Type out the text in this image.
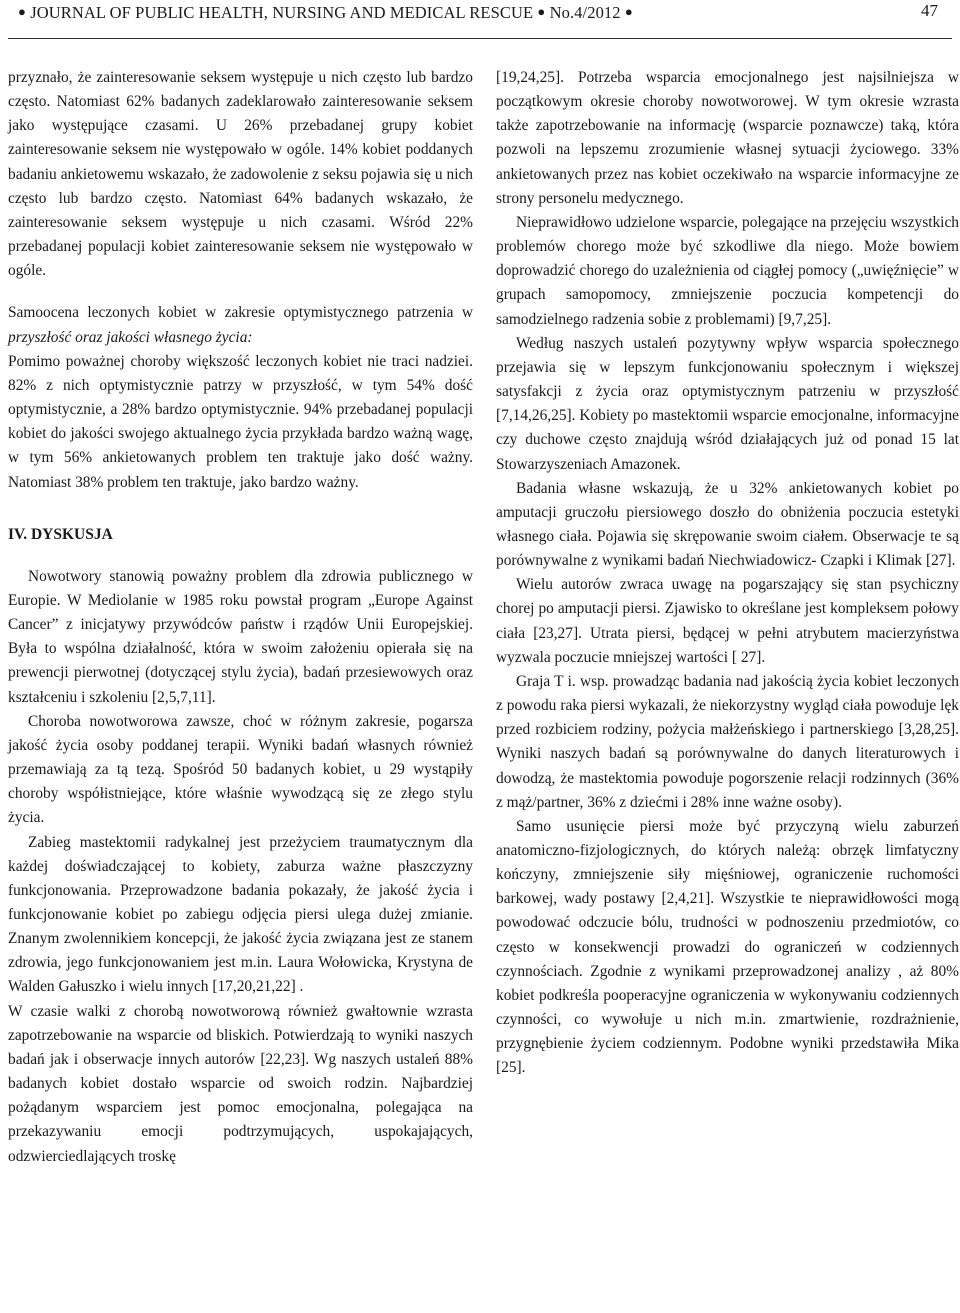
● JOURNAL OF PUBLIC HEALTH, NURSING AND MEDICAL RESCUE ● No.4/2012 ●	47

przyznało, że zainteresowanie seksem występuje u nich często lub bardzo często. Natomiast 62% badanych zadeklarowało zainteresowanie seksem jako występujące czasami. U 26% przebadanej grupy kobiet zainteresowanie seksem nie występowało w ogóle. 14% kobiet poddanych badaniu ankietowemu wskazało, że zadowolenie z seksu pojawia się u nich często lub bardzo często. Natomiast 64% badanych wskazało, że zainteresowanie seksem występuje u nich czasami. Wśród 22% przebadanej populacji kobiet zainteresowanie seksem nie występowało w ogóle.

Samoocena leczonych kobiet w zakresie optymistycznego patrzenia w przyszłość oraz jakości własnego życia:

Pomimo poważnej choroby większość leczonych kobiet nie traci nadziei. 82% z nich optymistycznie patrzy w przyszłość, w tym 54% dość optymistycznie, a 28% bardzo optymistycznie. 94% przebadanej populacji kobiet do jakości swojego aktualnego życia przykłada bardzo ważną wagę, w tym 56% ankietowanych problem ten traktuje jako dość ważny. Natomiast 38% problem ten traktuje, jako bardzo ważny.

IV. DYSKUSJA

Nowotwory stanowią poważny problem dla zdrowia publicznego w Europie. W Mediolanie w 1985 roku powstał program „Europe Against Cancer” z inicjatywy przywódców państw i rządów Unii Europejskiej. Była to wspólna działalność, która w swoim założeniu opierała się na prewencji pierwotnej (dotyczącej stylu życia), badań przesiewowych oraz kształceniu i szkoleniu [2,5,7,11].

Choroba nowotworowa zawsze, choć w różnym zakresie, pogarsza jakość życia osoby poddanej terapii. Wyniki badań własnych również przemawiają za tą tezą. Spośród 50 badanych kobiet, u 29 wystąpiły choroby współistniejące, które właśnie wywodzącą się ze złego stylu życia.

Zabieg mastektomii radykalnej jest przeżyciem traumatycznym dla każdej doświadczającej to kobiety, zaburza ważne płaszczyzny funkcjonowania. Przeprowadzone badania pokazały, że jakość życia i funkcjonowanie kobiet po zabiegu odjęcia piersi ulega dużej zmianie. Znanym zwolennikiem koncepcji, że jakość życia związana jest ze stanem zdrowia, jego funkcjonowaniem jest m.in. Laura Wołowicka, Krystyna de Walden Gałuszko i wielu innych [17,20,21,22] .

W czasie walki z chorobą nowotworową również gwałtownie wzrasta zapotrzebowanie na wsparcie od bliskich. Potwierdzają to wyniki naszych badań jak i obserwacje innych autorów [22,23]. Wg naszych ustaleń 88% badanych kobiet dostało wsparcie od swoich rodzin. Najbardziej pożądanym wsparciem jest pomoc emocjonalna, polegająca na przekazywaniu emocji podtrzymujących, uspokajających, odzwierciedlających troskę

[19,24,25]. Potrzeba wsparcia emocjonalnego jest najsilniejsza w początkowym okresie choroby nowotworowej. W tym okresie wzrasta także zapotrzebowanie na informację (wsparcie poznawcze) taką, która pozwoli na lepszemu zrozumienie własnej sytuacji życiowego. 33% ankietowanych przez nas kobiet oczekiwało na wsparcie informacyjne ze strony personelu medycznego.

Nieprawidłowo udzielone wsparcie, polegające na przejęciu wszystkich problemów chorego może być szkodliwe dla niego. Może bowiem doprowadzić chorego do uzależnienia od ciągłej pomocy („uwięźnięcie” w grupach samopomocy, zmniejszenie poczucia kompetencji do samodzielnego radzenia sobie z problemami) [9,7,25].

Według naszych ustaleń pozytywny wpływ wsparcia społecznego przejawia się w lepszym funkcjonowaniu społecznym i większej satysfakcji z życia oraz optymistycznym patrzeniu w przyszłość [7,14,26,25]. Kobiety po mastektomii wsparcie emocjonalne, informacyjne czy duchowe często znajdują wśród działających już od ponad 15 lat Stowarzyszeniach Amazonek.

Badania własne wskazują, że u 32% ankietowanych kobiet po amputacji gruczołu piersiowego doszło do obniżenia poczucia estetyki własnego ciała. Pojawia się skrępowanie swoim ciałem. Obserwacje te są porównywalne z wynikami badań Niechwiadowicz- Czapki i Klimak [27].

Wielu autorów zwraca uwagę na pogarszający się stan psychiczny chorej po amputacji piersi. Zjawisko to określane jest kompleksem połowy ciała [23,27]. Utrata piersi, będącej w pełni atrybutem macierzyństwa wyzwala poczucie mniejszej wartości [ 27].

Graja T i. wsp. prowadząc badania nad jakością życia kobiet leczonych z powodu raka piersi wykazali, że niekorzystny wygląd ciała powoduje lęk przed rozbiciem rodziny, pożycia małżeńskiego i partnerskiego [3,28,25]. Wyniki naszych badań są porównywalne do danych literaturowych i dowodzą, że mastektomia powoduje pogorszenie relacji rodzinnych (36% z mąż/partner, 36% z dziećmi i 28% inne ważne osoby).

Samo usunięcie piersi może być przyczyną wielu zaburzeń anatomiczno-fizjologicznych, do których należą: obrzęk limfatyczny kończyny, zmniejszenie siły mięśniowej, ograniczenie ruchomości barkowej, wady postawy [2,4,21]. Wszystkie te nieprawidłowości mogą powodować odczucie bólu, trudności w podnoszeniu przedmiotów, co często w konsekwencji prowadzi do ograniczeń w codziennych czynnościach. Zgodnie z wynikami przeprowadzonej analizy , aż 80% kobiet podkreśla pooperacyjne ograniczenia w wykonywaniu codziennych czynności, co wywołuje u nich m.in. zmartwienie, rozdrażnienie, przygnębienie życiem codziennym. Podobne wyniki przedstawiła Mika [25].
